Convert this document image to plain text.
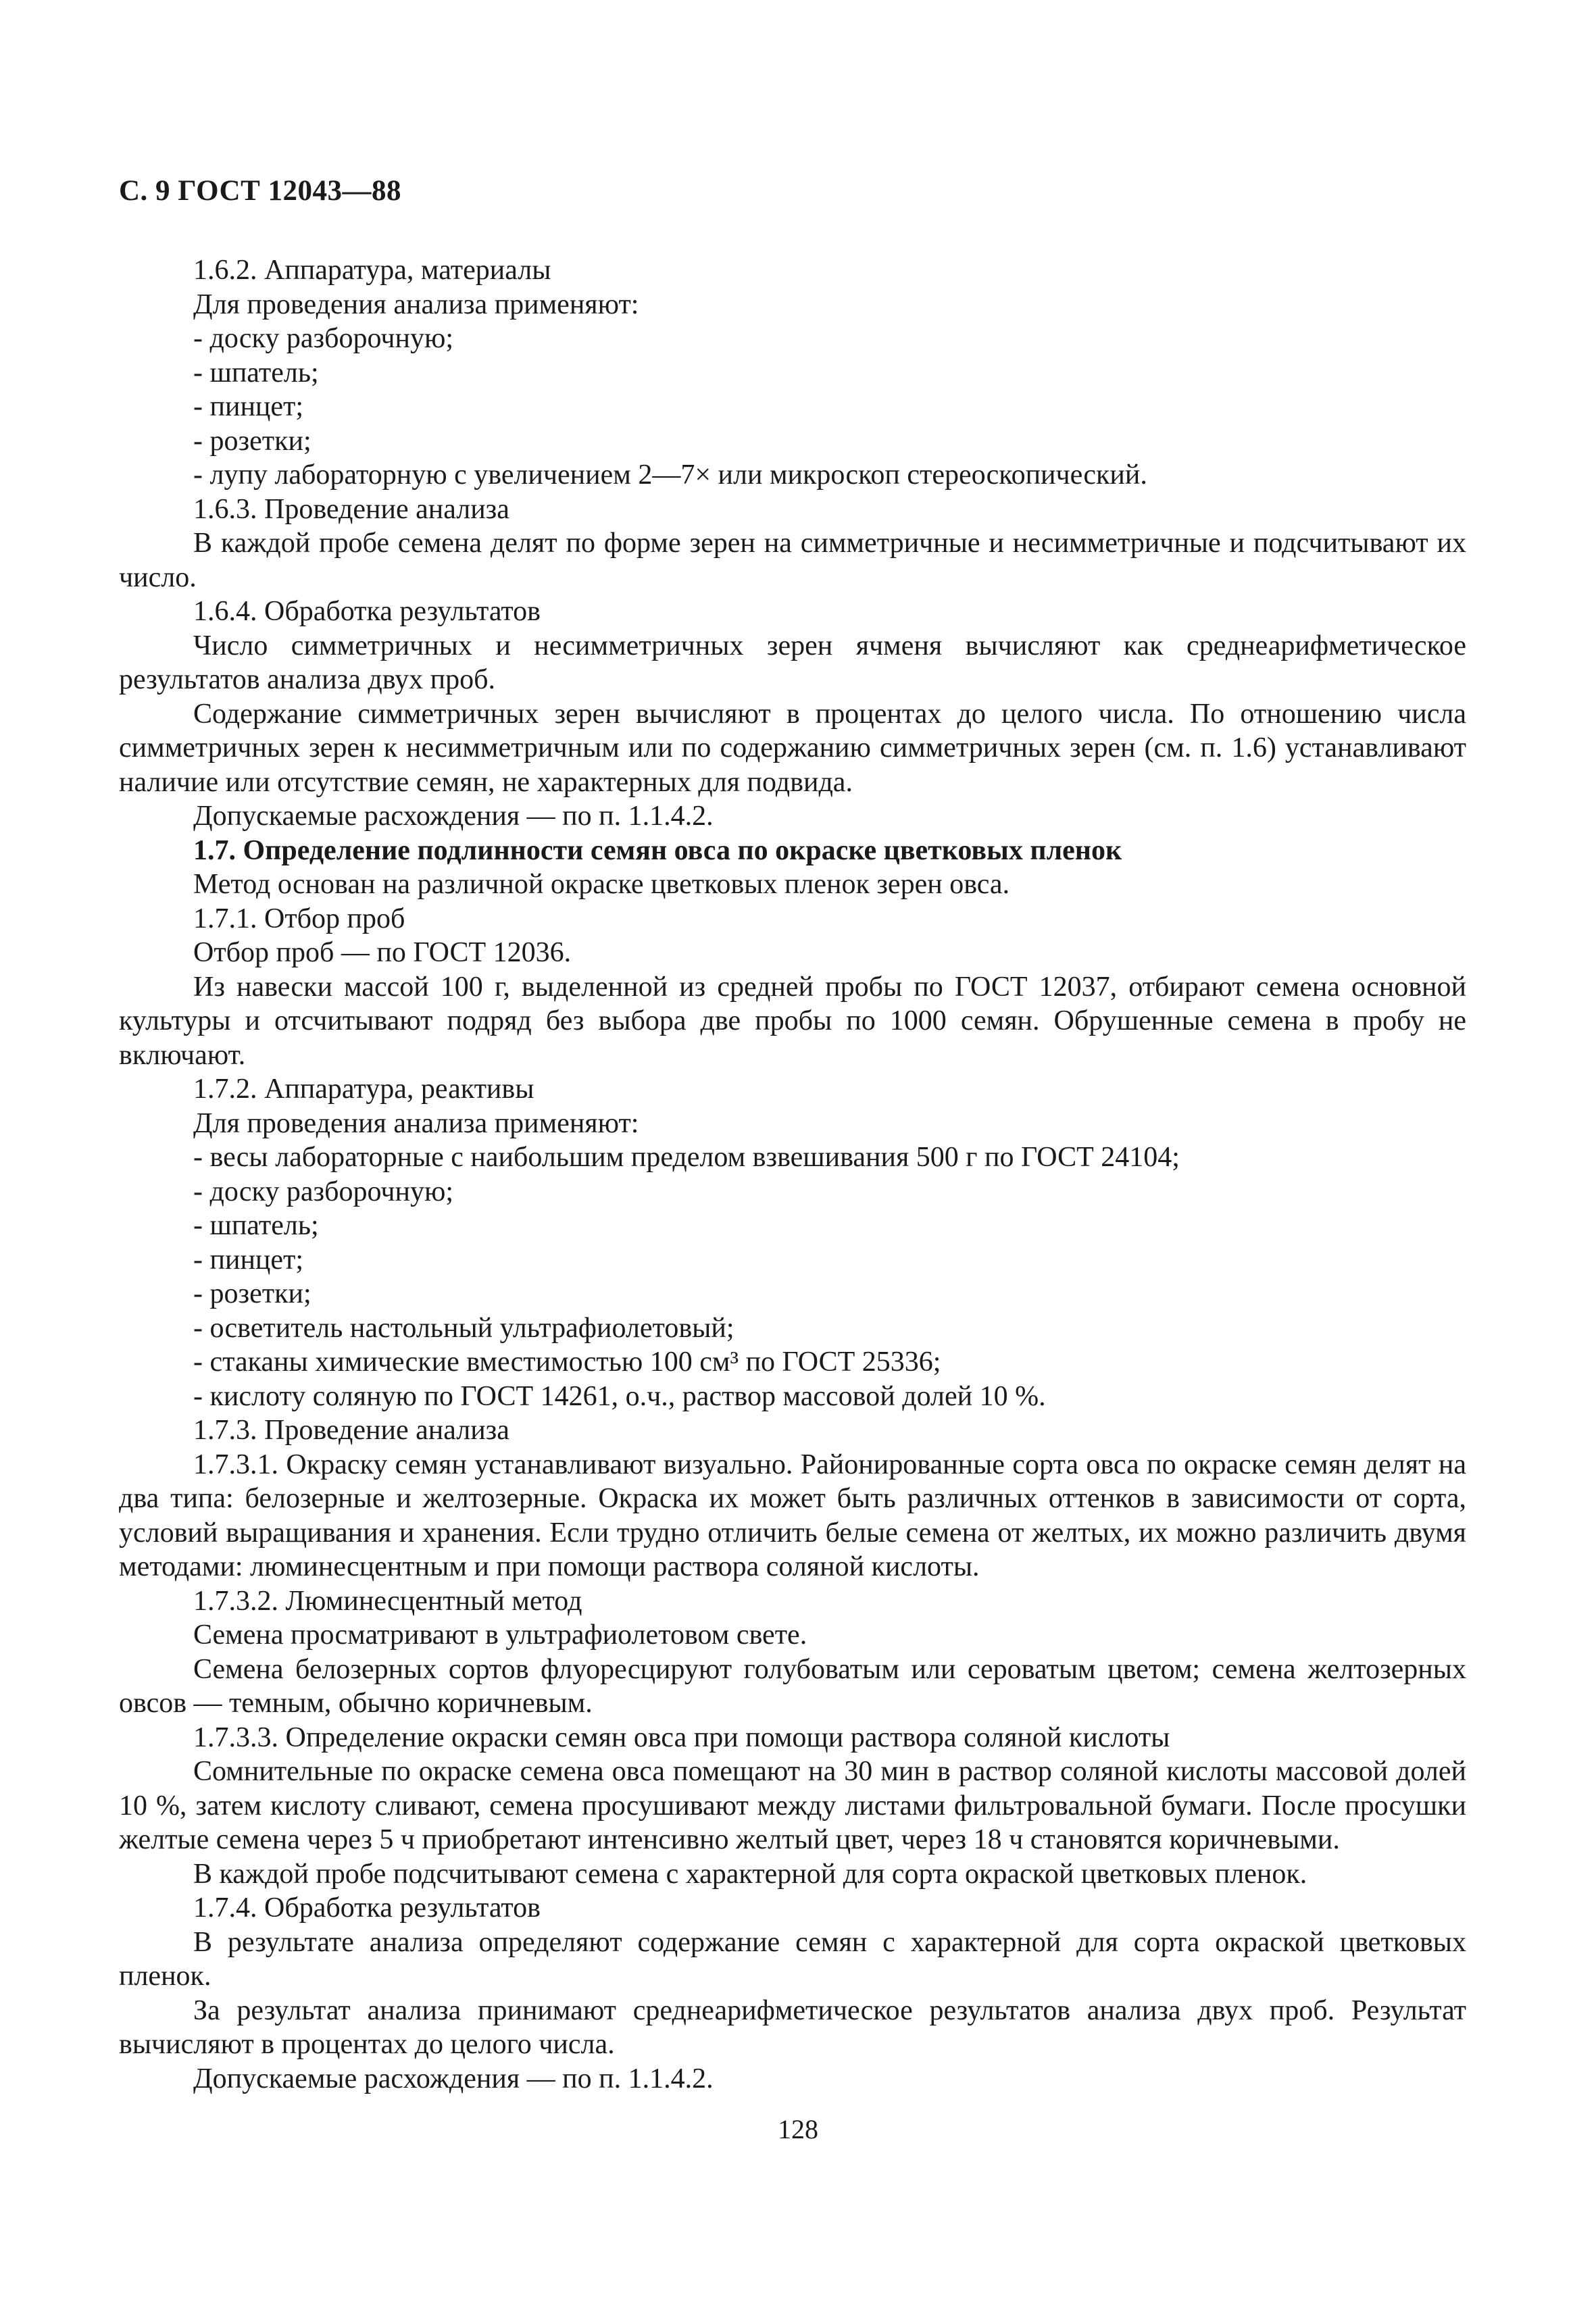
С. 9 ГОСТ 12043—88

1.6.2. Аппаратура, материалы

Для проведения анализа применяют:

- доску разборочную;

- шпатель;

- пинцет;

- розетки;

- лупу лабораторную с увеличением 2—7× или микроскоп стереоскопический.

1.6.3. Проведение анализа

В каждой пробе семена делят по форме зерен на симметричные и несимметричные и подсчитывают их число.

1.6.4. Обработка результатов

Число симметричных и несимметричных зерен ячменя вычисляют как среднеарифметическое результатов анализа двух проб.

Содержание симметричных зерен вычисляют в процентах до целого числа. По отношению числа симметричных зерен к несимметричным или по содержанию симметричных зерен (см. п. 1.6) устанавливают наличие или отсутствие семян, не характерных для подвида.

Допускаемые расхождения — по п. 1.1.4.2.

1.7. Определение подлинности семян овса по окраске цветковых пленок

Метод основан на различной окраске цветковых пленок зерен овса.

1.7.1. Отбор проб

Отбор проб — по ГОСТ 12036.

Из навески массой 100 г, выделенной из средней пробы по ГОСТ 12037, отбирают семена основной культуры и отсчитывают подряд без выбора две пробы по 1000 семян. Обрушенные семена в пробу не включают.

1.7.2. Аппаратура, реактивы

Для проведения анализа применяют:

- весы лабораторные с наибольшим пределом взвешивания 500 г по ГОСТ 24104;

- доску разборочную;

- шпатель;

- пинцет;

- розетки;

- осветитель настольный ультрафиолетовый;

- стаканы химические вместимостью 100 см³ по ГОСТ 25336;

- кислоту соляную по ГОСТ 14261, о.ч., раствор массовой долей 10 %.

1.7.3. Проведение анализа

1.7.3.1. Окраску семян устанавливают визуально. Районированные сорта овса по окраске семян делят на два типа: белозерные и желтозерные. Окраска их может быть различных оттенков в зависимости от сорта, условий выращивания и хранения. Если трудно отличить белые семена от желтых, их можно различить двумя методами: люминесцентным и при помощи раствора соляной кислоты.

1.7.3.2. Люминесцентный метод

Семена просматривают в ультрафиолетовом свете.

Семена белозерных сортов флуоресцируют голубоватым или сероватым цветом; семена желтозерных овсов — темным, обычно коричневым.

1.7.3.3. Определение окраски семян овса при помощи раствора соляной кислоты

Сомнительные по окраске семена овса помещают на 30 мин в раствор соляной кислоты массовой долей 10 %, затем кислоту сливают, семена просушивают между листами фильтровальной бумаги. После просушки желтые семена через 5 ч приобретают интенсивно желтый цвет, через 18 ч становятся коричневыми.

В каждой пробе подсчитывают семена с характерной для сорта окраской цветковых пленок.

1.7.4. Обработка результатов

В результате анализа определяют содержание семян с характерной для сорта окраской цветковых пленок.

За результат анализа принимают среднеарифметическое результатов анализа двух проб. Результат вычисляют в процентах до целого числа.

Допускаемые расхождения — по п. 1.1.4.2.

128
